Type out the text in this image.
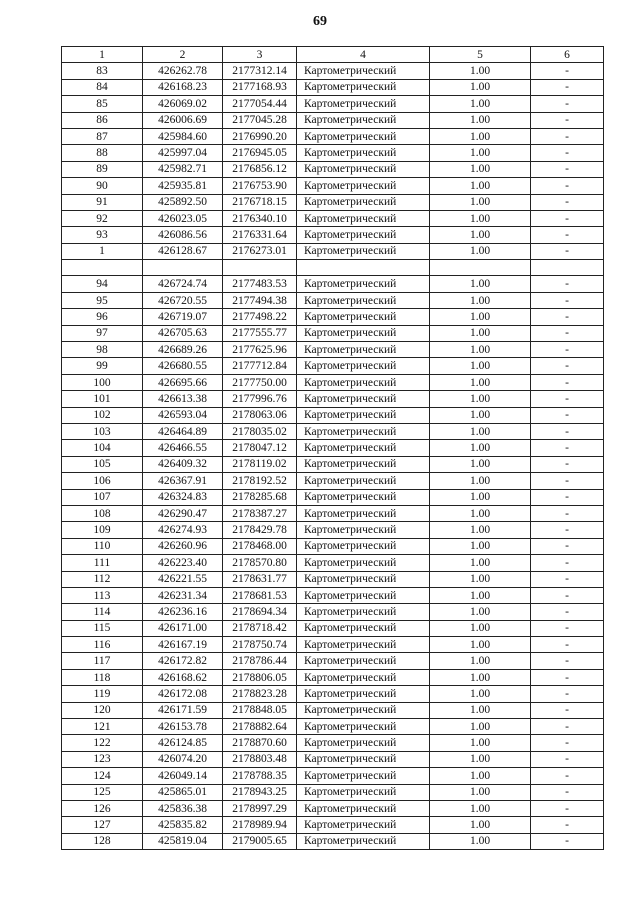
69
1	2	3	4	5	6
83	426262.78	2177312.14	Картометрический	1.00	-
84	426168.23	2177168.93	Картометрический	1.00	-
85	426069.02	2177054.44	Картометрический	1.00	-
86	426006.69	2177045.28	Картометрический	1.00	-
87	425984.60	2176990.20	Картометрический	1.00	-
88	425997.04	2176945.05	Картометрический	1.00	-
89	425982.71	2176856.12	Картометрический	1.00	-
90	425935.81	2176753.90	Картометрический	1.00	-
91	425892.50	2176718.15	Картометрический	1.00	-
92	426023.05	2176340.10	Картометрический	1.00	-
93	426086.56	2176331.64	Картометрический	1.00	-
1	426128.67	2176273.01	Картометрический	1.00	-

94	426724.74	2177483.53	Картометрический	1.00	-
95	426720.55	2177494.38	Картометрический	1.00	-
96	426719.07	2177498.22	Картометрический	1.00	-
97	426705.63	2177555.77	Картометрический	1.00	-
98	426689.26	2177625.96	Картометрический	1.00	-
99	426680.55	2177712.84	Картометрический	1.00	-
100	426695.66	2177750.00	Картометрический	1.00	-
101	426613.38	2177996.76	Картометрический	1.00	-
102	426593.04	2178063.06	Картометрический	1.00	-
103	426464.89	2178035.02	Картометрический	1.00	-
104	426466.55	2178047.12	Картометрический	1.00	-
105	426409.32	2178119.02	Картометрический	1.00	-
106	426367.91	2178192.52	Картометрический	1.00	-
107	426324.83	2178285.68	Картометрический	1.00	-
108	426290.47	2178387.27	Картометрический	1.00	-
109	426274.93	2178429.78	Картометрический	1.00	-
110	426260.96	2178468.00	Картометрический	1.00	-
111	426223.40	2178570.80	Картометрический	1.00	-
112	426221.55	2178631.77	Картометрический	1.00	-
113	426231.34	2178681.53	Картометрический	1.00	-
114	426236.16	2178694.34	Картометрический	1.00	-
115	426171.00	2178718.42	Картометрический	1.00	-
116	426167.19	2178750.74	Картометрический	1.00	-
117	426172.82	2178786.44	Картометрический	1.00	-
118	426168.62	2178806.05	Картометрический	1.00	-
119	426172.08	2178823.28	Картометрический	1.00	-
120	426171.59	2178848.05	Картометрический	1.00	-
121	426153.78	2178882.64	Картометрический	1.00	-
122	426124.85	2178870.60	Картометрический	1.00	-
123	426074.20	2178803.48	Картометрический	1.00	-
124	426049.14	2178788.35	Картометрический	1.00	-
125	425865.01	2178943.25	Картометрический	1.00	-
126	425836.38	2178997.29	Картометрический	1.00	-
127	425835.82	2178989.94	Картометрический	1.00	-
128	425819.04	2179005.65	Картометрический	1.00	-
